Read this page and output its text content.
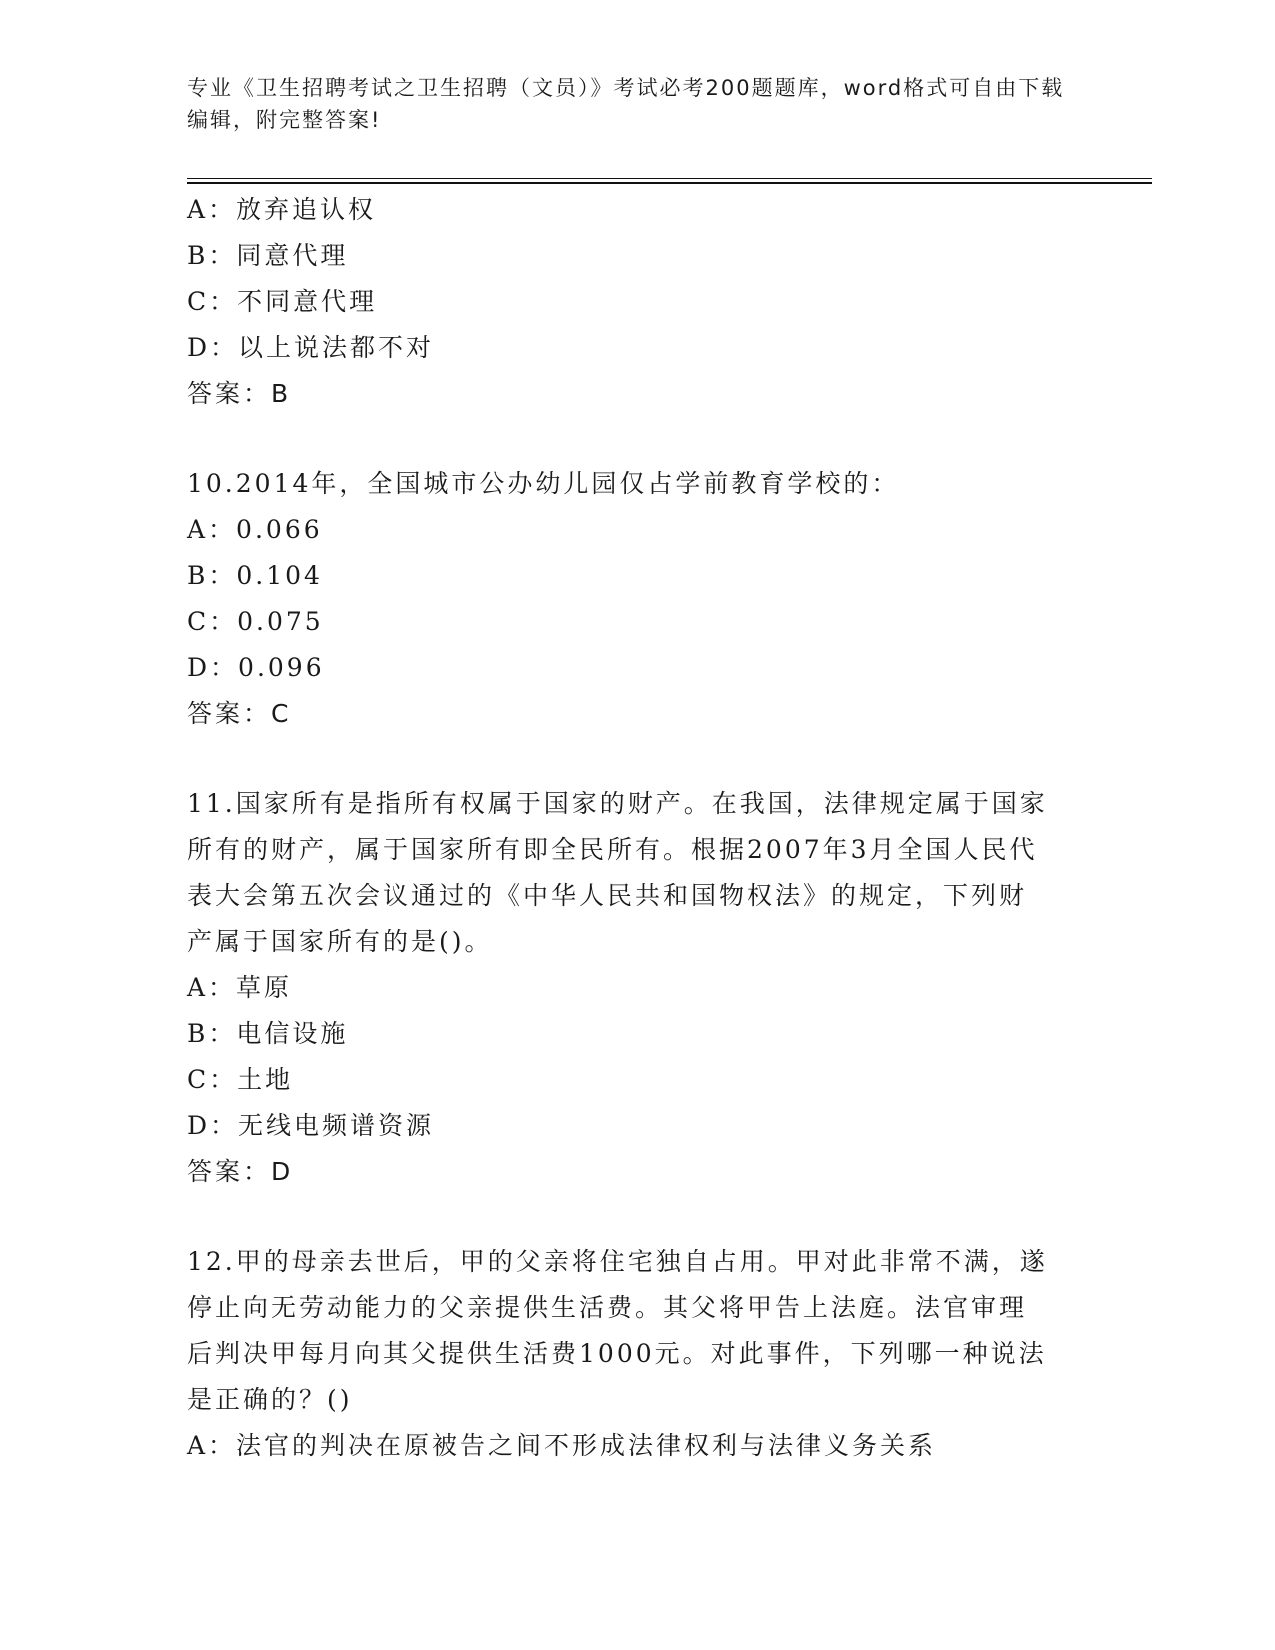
专业《卫生招聘考试之卫生招聘（文员）》考试必考200题题库，word格式可自由下载编辑，附完整答案!
A：放弃追认权
B：同意代理
C：不同意代理
D：以上说法都不对
答案：B
10.2014年，全国城市公办幼儿园仅占学前教育学校的：
A：0.066
B：0.104
C：0.075
D：0.096
答案：C
11.国家所有是指所有权属于国家的财产。在我国，法律规定属于国家
所有的财产，属于国家所有即全民所有。根据2007年3月全国人民代
表大会第五次会议通过的《中华人民共和国物权法》的规定，下列财
产属于国家所有的是()。
A：草原
B：电信设施
C：土地
D：无线电频谱资源
答案：D
12.甲的母亲去世后，甲的父亲将住宅独自占用。甲对此非常不满，遂
停止向无劳动能力的父亲提供生活费。其父将甲告上法庭。法官审理
后判决甲每月向其父提供生活费1000元。对此事件，下列哪一种说法
是正确的？()
A：法官的判决在原被告之间不形成法律权利与法律义务关系
